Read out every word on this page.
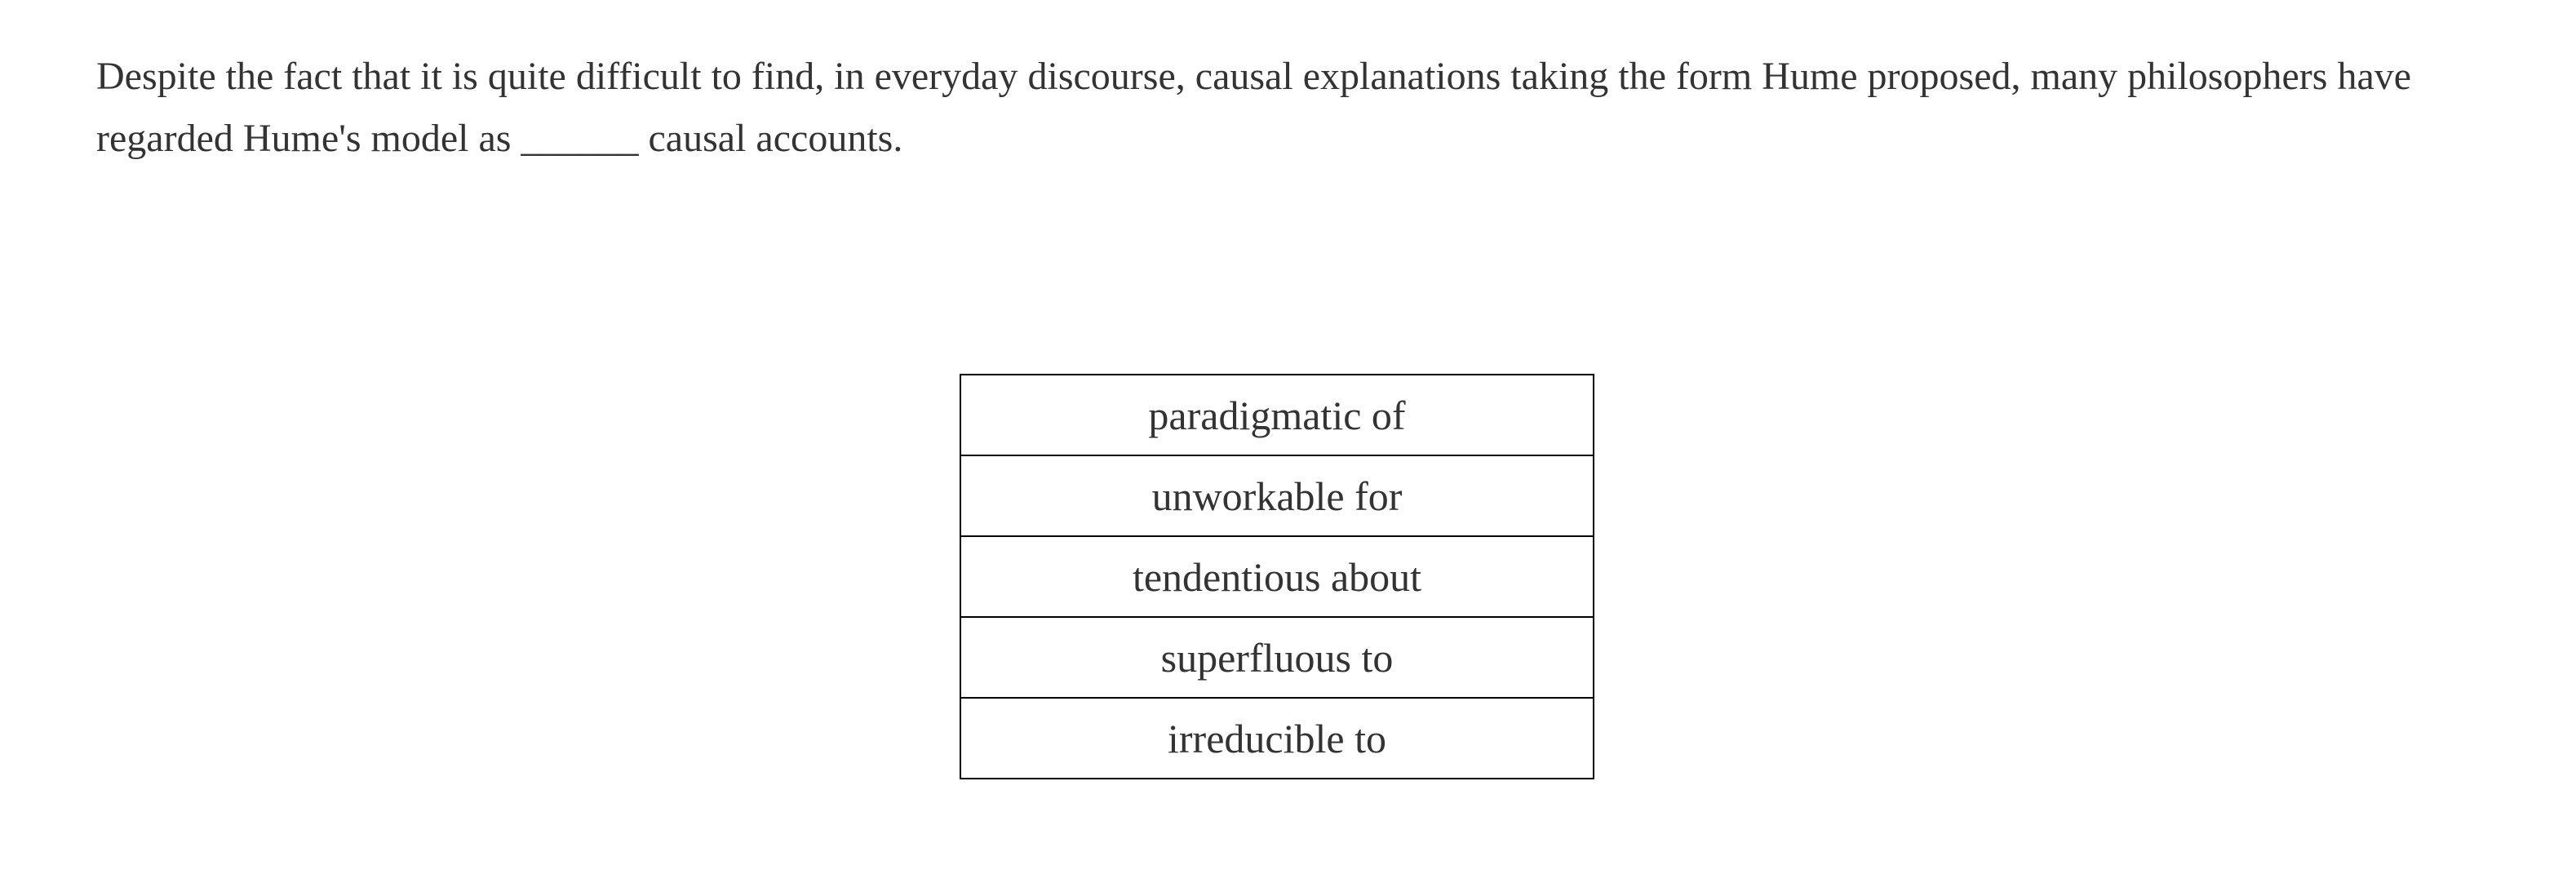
Despite the fact that it is quite difficult to find, in everyday discourse, causal explanations taking the form Hume proposed, many philosophers have regarded Hume's model as ______ causal accounts.

paradigmatic of
unworkable for
tendentious about
superfluous to
irreducible to
